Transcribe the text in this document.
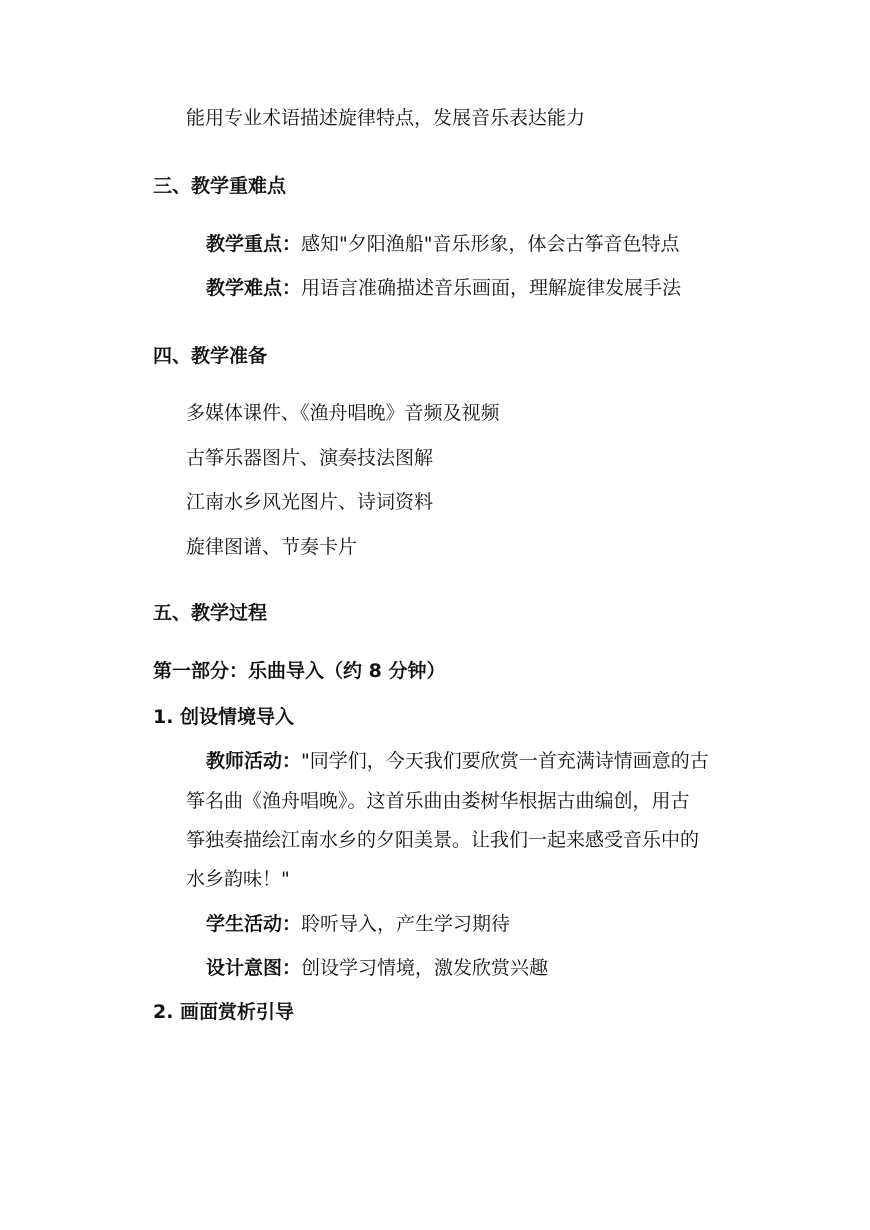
能用专业术语描述旋律特点，发展音乐表达能力
三、教学重难点
教学重点：感知"夕阳渔船"音乐形象，体会古筝音色特点
教学难点：用语言准确描述音乐画面，理解旋律发展手法
四、教学准备
多媒体课件、《渔舟唱晚》音频及视频
古筝乐器图片、演奏技法图解
江南水乡风光图片、诗词资料
旋律图谱、节奏卡片
五、教学过程
第一部分：乐曲导入（约 8 分钟）
1. 创设情境导入
教师活动："同学们，今天我们要欣赏一首充满诗情画意的古
筝名曲《渔舟唱晚》。这首乐曲由娄树华根据古曲编创，用古
筝独奏描绘江南水乡的夕阳美景。让我们一起来感受音乐中的
水乡韵味！"
学生活动：聆听导入，产生学习期待
设计意图：创设学习情境，激发欣赏兴趣
2. 画面赏析引导
